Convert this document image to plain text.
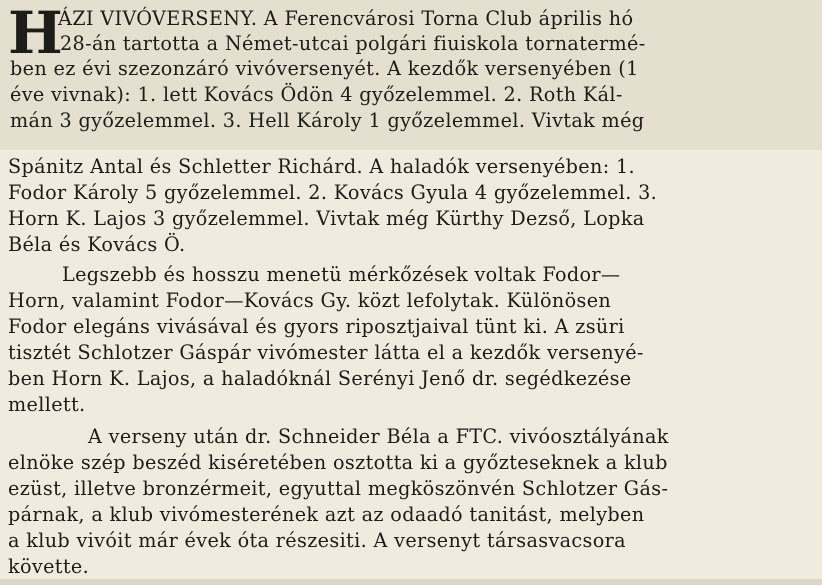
H
ÁZI VIVÓVERSENY. A Ferencvárosi Torna Club április hó
28-án tartotta a Német-utcai polgári fiuiskola tornatermé-
ben ez évi szezonzáró vivóversenyét. A kezdők versenyében (1
éve vivnak): 1. lett Kovács Ödön 4 győzelemmel. 2. Roth Kál-
mán 3 győzelemmel. 3. Hell Károly 1 győzelemmel. Vivtak még
Spánitz Antal és Schletter Richárd. A haladók versenyében: 1.
Fodor Károly 5 győzelemmel. 2. Kovács Gyula 4 győzelemmel. 3.
Horn K. Lajos 3 győzelemmel. Vivtak még Kürthy Dezső, Lopka
Béla és Kovács Ö.
Legszebb és hosszu menetü mérkőzések voltak Fodor—
Horn, valamint Fodor—Kovács Gy. közt lefolytak. Különösen
Fodor elegáns vivásával és gyors riposztjaival tünt ki. A zsüri
tisztét Schlotzer Gáspár vivómester látta el a kezdők versenyé-
ben Horn K. Lajos, a haladóknál Serényi Jenő dr. segédkezése
mellett.
A verseny után dr. Schneider Béla a FTC. vivóosztályának
elnöke szép beszéd kiséretében osztotta ki a győzteseknek a klub
ezüst, illetve bronzérmeit, egyuttal megköszönvén Schlotzer Gás-
párnak, a klub vivómesterének azt az odaadó tanitást, melyben
a klub vivóit már évek óta részesiti. A versenyt társasvacsora
követte.
